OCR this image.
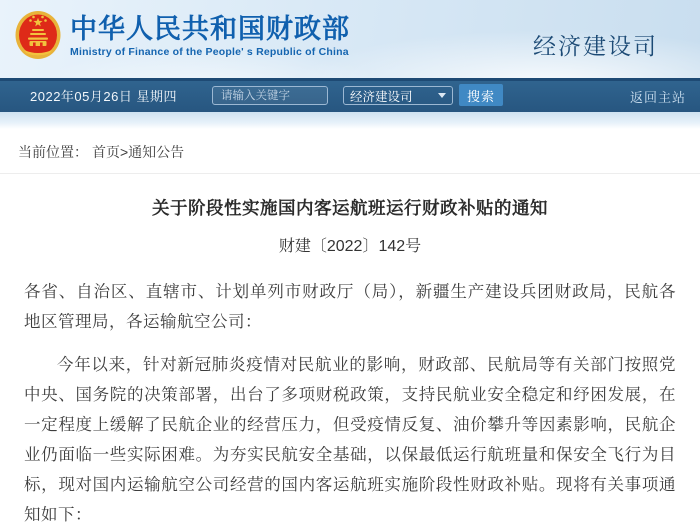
中华人民共和国财政部
Ministry of Finance of the People' s Republic of China	经济建设司
2022年05月26日 星期四
请输入关键字	经济建设司	搜索	返回主站
当前位置： 首页>通知公告
关于阶段性实施国内客运航班运行财政补贴的通知
财建〔2022〕142号

各省、自治区、直辖市、计划单列市财政厅（局），新疆生产建设兵团财政局，民航各地区管理局，各运输航空公司：

今年以来，针对新冠肺炎疫情对民航业的影响，财政部、民航局等有关部门按照党中央、国务院的决策部署，出台了多项财税政策，支持民航业安全稳定和纾困发展，在一定程度上缓解了民航企业的经营压力，但受疫情反复、油价攀升等因素影响，民航企业仍面临一些实际困难。为夯实民航安全基础，以保最低运行航班量和保安全飞行为目标，现对国内运输航空公司经营的国内客运航班实施阶段性财政补贴。现将有关事项通知如下：
